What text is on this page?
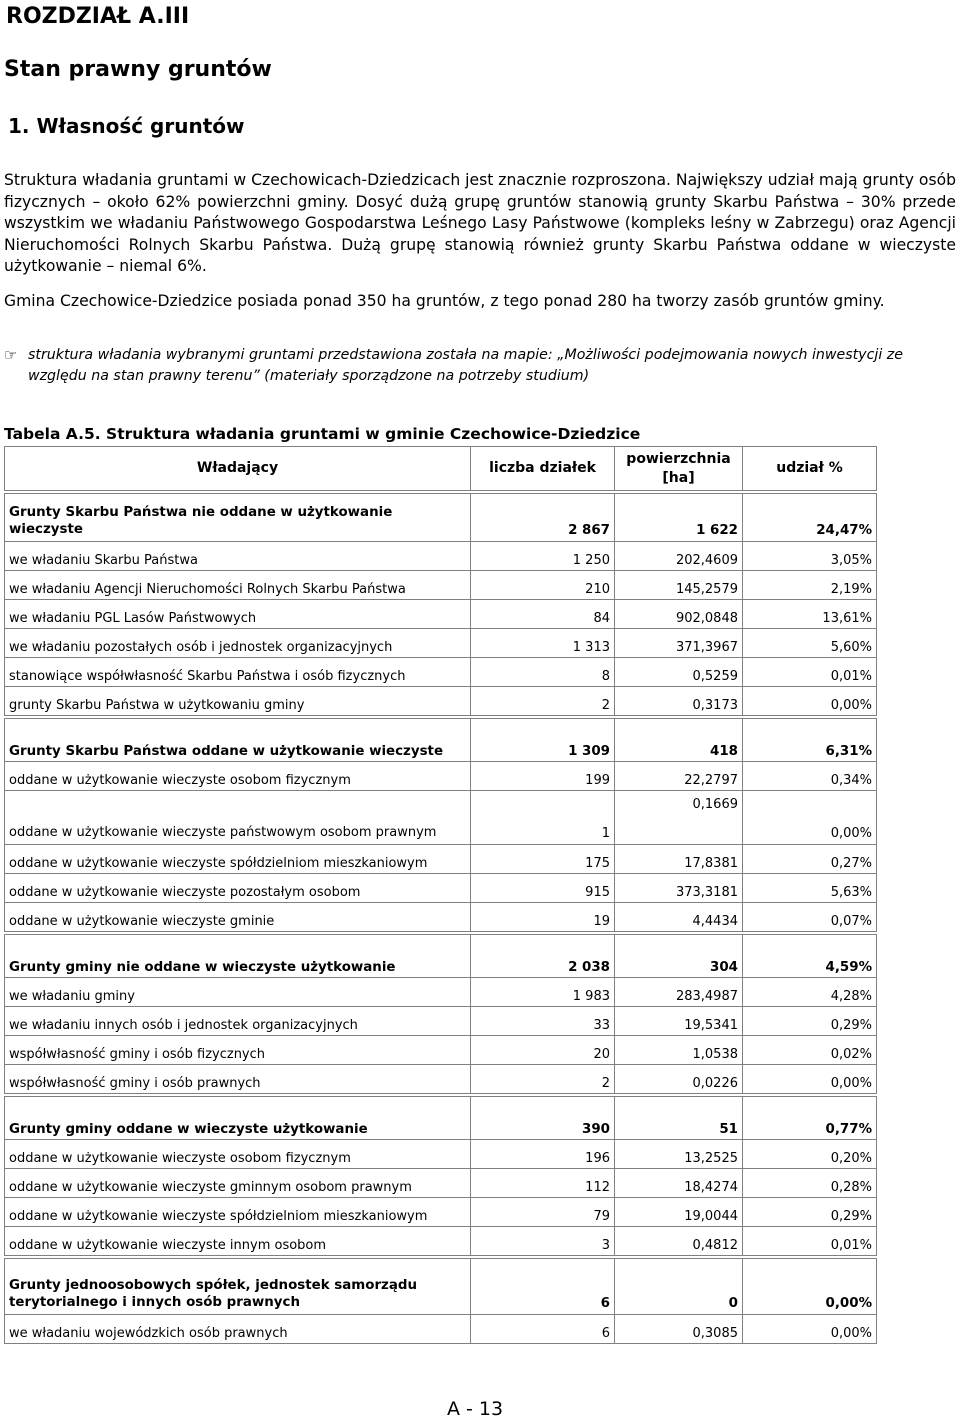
ROZDZIAŁ A.III
Stan prawny gruntów
1. Własność gruntów

Struktura władania gruntami w Czechowicach-Dziedzicach jest znacznie rozproszona. Największy udział mają grunty osób fizycznych – około 62% powierzchni gminy. Dosyć dużą grupę gruntów stanowią grunty Skarbu Państwa – 30% przede wszystkim we władaniu Państwowego Gospodarstwa Leśnego Lasy Państwowe (kompleks leśny w Zabrzegu) oraz Agencji Nieruchomości Rolnych Skarbu Państwa. Dużą grupę stanowią również grunty Skarbu Państwa oddane w wieczyste użytkowanie – niemal 6%.

Gmina Czechowice-Dziedzice posiada ponad 350 ha gruntów, z tego ponad 280 ha tworzy zasób gruntów gminy.

☞ struktura władania wybranymi gruntami przedstawiona została na mapie: „Możliwości podejmowania nowych inwestycji ze względu na stan prawny terenu” (materiały sporządzone na potrzeby studium)
Tabela A.5. Struktura władania gruntami w gminie Czechowice-Dziedzice
Władający	liczba działek	powierzchnia [ha]	udział %

Grunty Skarbu Państwa nie oddane w użytkowanie wieczyste	2 867	1 622	24,47%
we władaniu Skarbu Państwa	1 250	202,4609	3,05%
we władaniu Agencji Nieruchomości Rolnych Skarbu Państwa	210	145,2579	2,19%
we władaniu PGL Lasów Państwowych	84	902,0848	13,61%
we władaniu pozostałych osób i jednostek organizacyjnych	1 313	371,3967	5,60%
stanowiące współwłasność Skarbu Państwa i osób fizycznych	8	0,5259	0,01%
grunty Skarbu Państwa w użytkowaniu gminy	2	0,3173	0,00%

Grunty Skarbu Państwa oddane w użytkowanie wieczyste	1 309	418	6,31%
oddane w użytkowanie wieczyste osobom fizycznym	199	22,2797	0,34%
oddane w użytkowanie wieczyste państwowym osobom prawnym	1	0,1669	0,00%
oddane w użytkowanie wieczyste spółdzielniom mieszkaniowym	175	17,8381	0,27%
oddane w użytkowanie wieczyste pozostałym osobom	915	373,3181	5,63%
oddane w użytkowanie wieczyste gminie	19	4,4434	0,07%

Grunty gminy nie oddane w wieczyste użytkowanie	2 038	304	4,59%
we władaniu gminy	1 983	283,4987	4,28%
we władaniu innych osób i jednostek organizacyjnych	33	19,5341	0,29%
współwłasność gminy i osób fizycznych	20	1,0538	0,02%
współwłasność gminy i osób prawnych	2	0,0226	0,00%

Grunty gminy oddane w wieczyste użytkowanie	390	51	0,77%
oddane w użytkowanie wieczyste osobom fizycznym	196	13,2525	0,20%
oddane w użytkowanie wieczyste gminnym osobom prawnym	112	18,4274	0,28%
oddane w użytkowanie wieczyste spółdzielniom mieszkaniowym	79	19,0044	0,29%
oddane w użytkowanie wieczyste innym osobom	3	0,4812	0,01%

Grunty jednoosobowych spółek, jednostek samorządu terytorialnego i innych osób prawnych	6	0	0,00%
we władaniu wojewódzkich osób prawnych	6	0,3085	0,00%
A - 13
